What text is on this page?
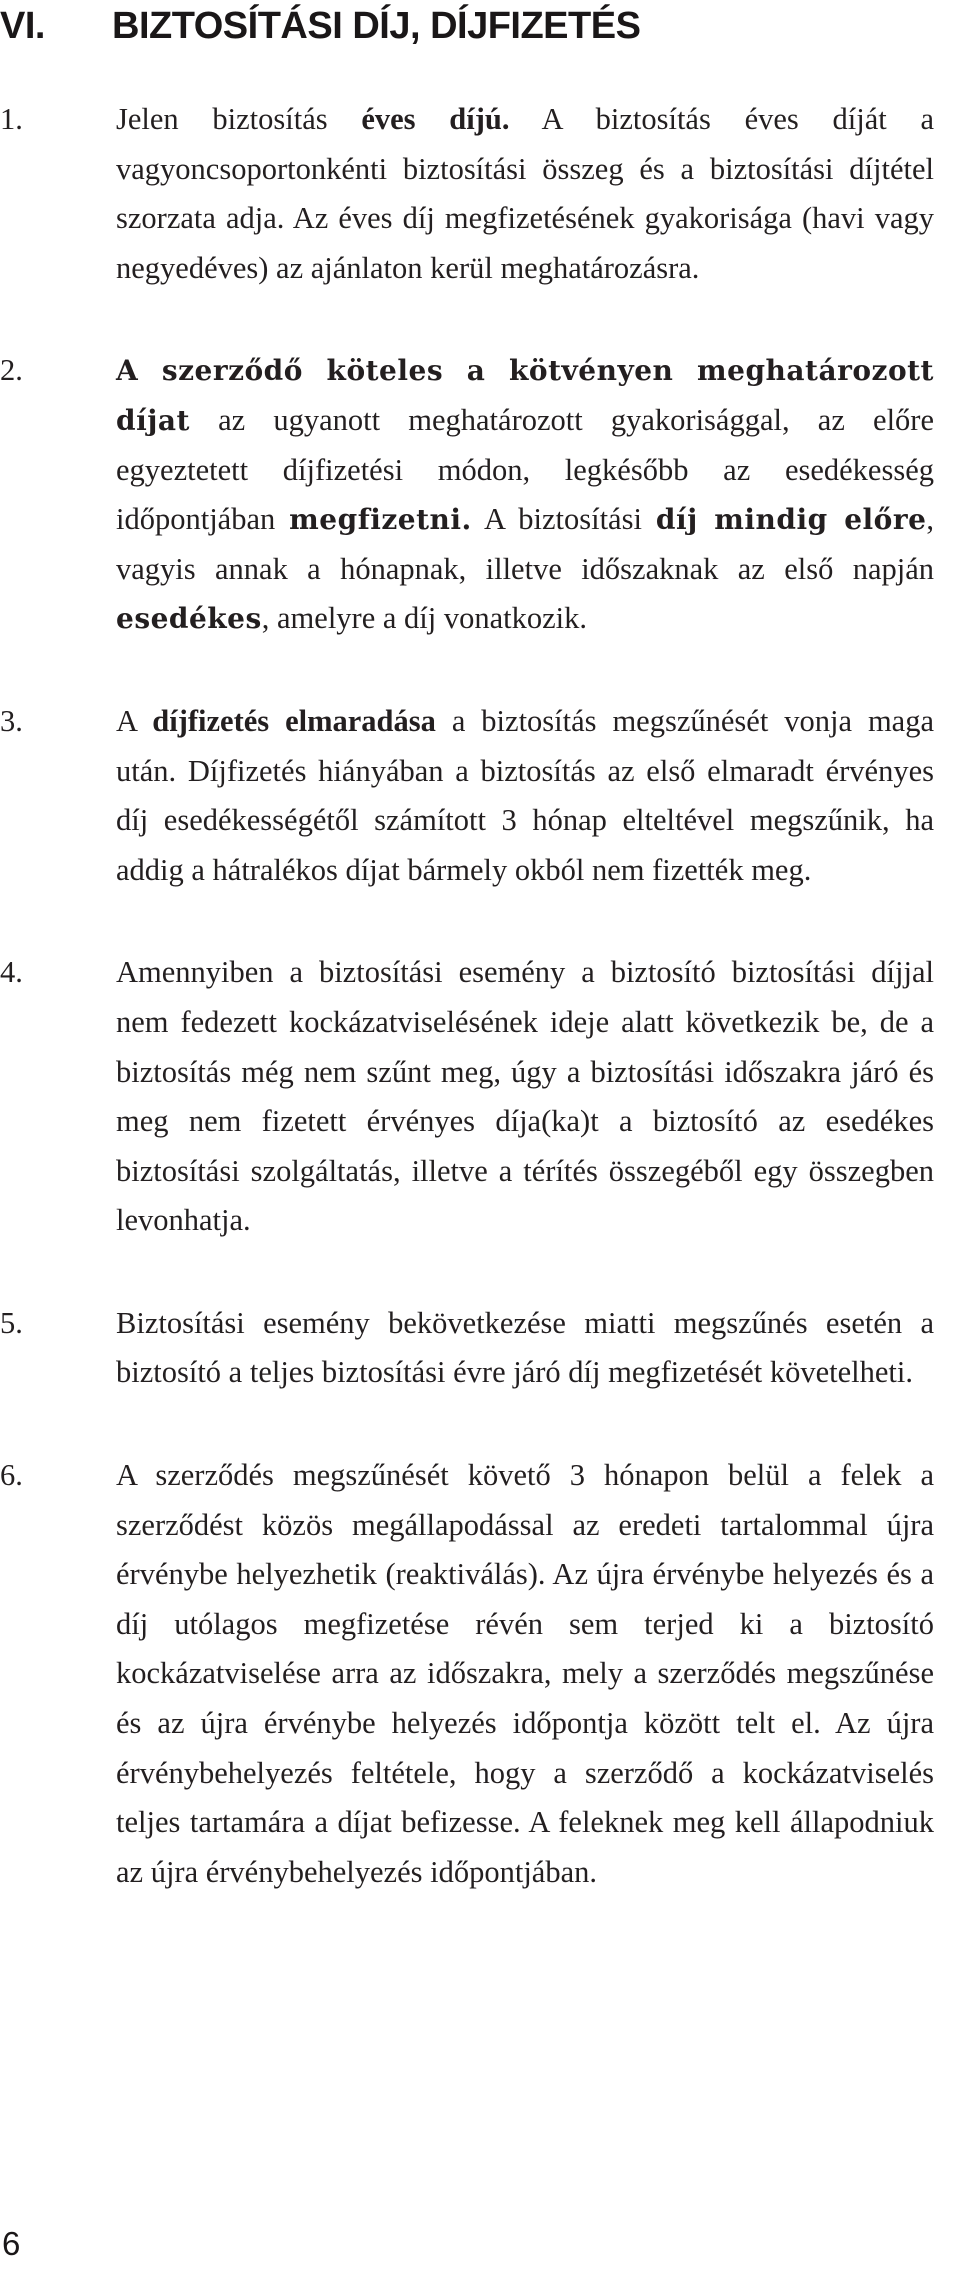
VI.	BIZTOSÍTÁSI DÍJ, DÍJFIZETÉS
1.	Jelen biztosítás éves díjú. A biztosítás éves díját a vagyoncsoportonkénti biztosítási összeg és a biztosítási díjtétel szorzata adja. Az éves díj megfizetésének gyakorisága (havi vagy negyedéves) az ajánlaton kerül meghatározásra.
2.	A szerződő köteles a kötvényen meghatározott díjat az ugyanott meghatározott gyakorisággal, az előre egyeztetett díjfizetési módon, legkésőbb az esedékesség időpontjában megfizetni. A biztosítási díj mindig előre, vagyis annak a hónapnak, illetve időszaknak az első napján esedékes, amelyre a díj vonatkozik.
3.	A díjfizetés elmaradása a biztosítás megszűnését vonja maga után. Díjfizetés hiányában a biztosítás az első elmaradt érvényes díj esedékességétől számított 3 hónap elteltével megszűnik, ha addig a hátralékos díjat bármely okból nem fizették meg.
4.	Amennyiben a biztosítási esemény a biztosító biztosítási díjjal nem fedezett kockázatviselésének ideje alatt következik be, de a biztosítás még nem szűnt meg, úgy a biztosítási időszakra járó és meg nem fizetett érvényes díja(ka)t a biztosító az esedékes biztosítási szolgáltatás, illetve a térítés összegéből egy összegben levonhatja.
5.	Biztosítási esemény bekövetkezése miatti megszűnés esetén a biztosító a teljes biztosítási évre járó díj megfizetését követelheti.
6.	A szerződés megszűnését követő 3 hónapon belül a felek a szerződést közös megállapodással az eredeti tartalommal újra érvénybe helyezhetik (reaktiválás). Az újra érvénybe helyezés és a díj utólagos megfizetése révén sem terjed ki a biztosító kockázatviselése arra az időszakra, mely a szerződés megszűnése és az újra érvénybe helyezés időpontja között telt el. Az újra érvénybehelyezés feltétele, hogy a szerződő a kockázatviselés teljes tartamára a díjat befizesse. A feleknek meg kell állapodniuk az újra érvénybehelyezés időpontjában.
6
